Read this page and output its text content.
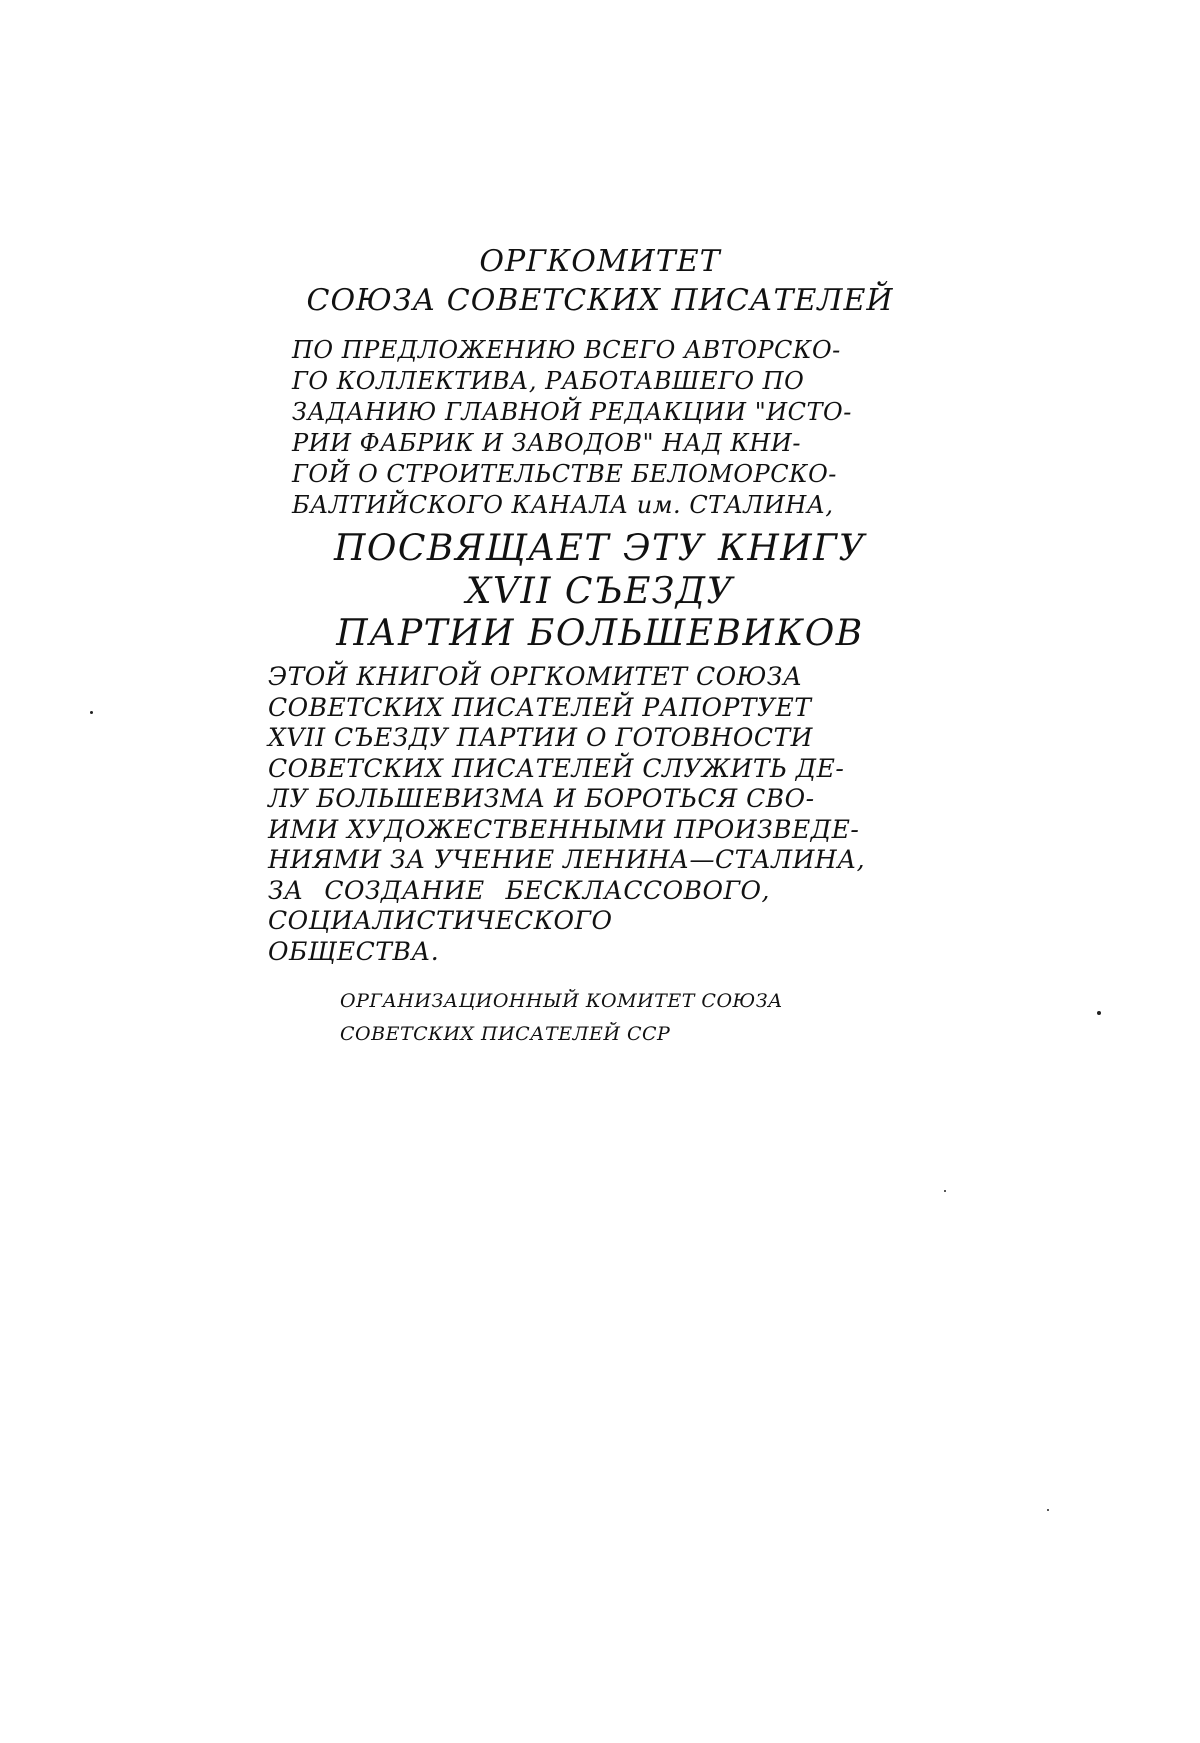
ОРГКОМИТЕТ

СОЮЗА СОВЕТСКИХ ПИСАТЕЛЕЙ

ПО ПРЕДЛОЖЕНИЮ ВСЕГО АВТОРСКО-
ГО КОЛЛЕКТИВА, РАБОТАВШЕГО ПО
ЗАДАНИЮ ГЛАВНОЙ РЕДАКЦИИ "ИСТО-
РИИ ФАБРИК И ЗАВОДОВ" НАД КНИ-
ГОЙ О СТРОИТЕЛЬСТВЕ БЕЛОМОРСКО-
БАЛТИЙСКОГО КАНАЛА им. СТАЛИНА,

ПОСВЯЩАЕТ ЭТУ КНИГУ

XVII СЪЕЗДУ

ПАРТИИ БОЛЬШЕВИКОВ

ЭТОЙ КНИГОЙ ОРГКОМИТЕТ СОЮЗА
СОВЕТСКИХ ПИСАТЕЛЕЙ РАПОРТУЕТ
XVII СЪЕЗДУ ПАРТИИ О ГОТОВНОСТИ
СОВЕТСКИХ ПИСАТЕЛЕЙ СЛУЖИТЬ ДЕ-
ЛУ БОЛЬШЕВИЗМА И БОРОТЬСЯ СВО-
ИМИ ХУДОЖЕСТВЕННЫМИ ПРОИЗВЕДЕ-
НИЯМИ ЗА УЧЕНИЕ ЛЕНИНА—СТАЛИНА,
ЗА СОЗДАНИЕ БЕСКЛАССОВОГО,
СОЦИАЛИСТИЧЕСКОГО
ОБЩЕСТВА.
ОРГАНИЗАЦИОННЫЙ КОМИТЕТ СОЮЗА
СОВЕТСКИХ ПИСАТЕЛЕЙ ССР
